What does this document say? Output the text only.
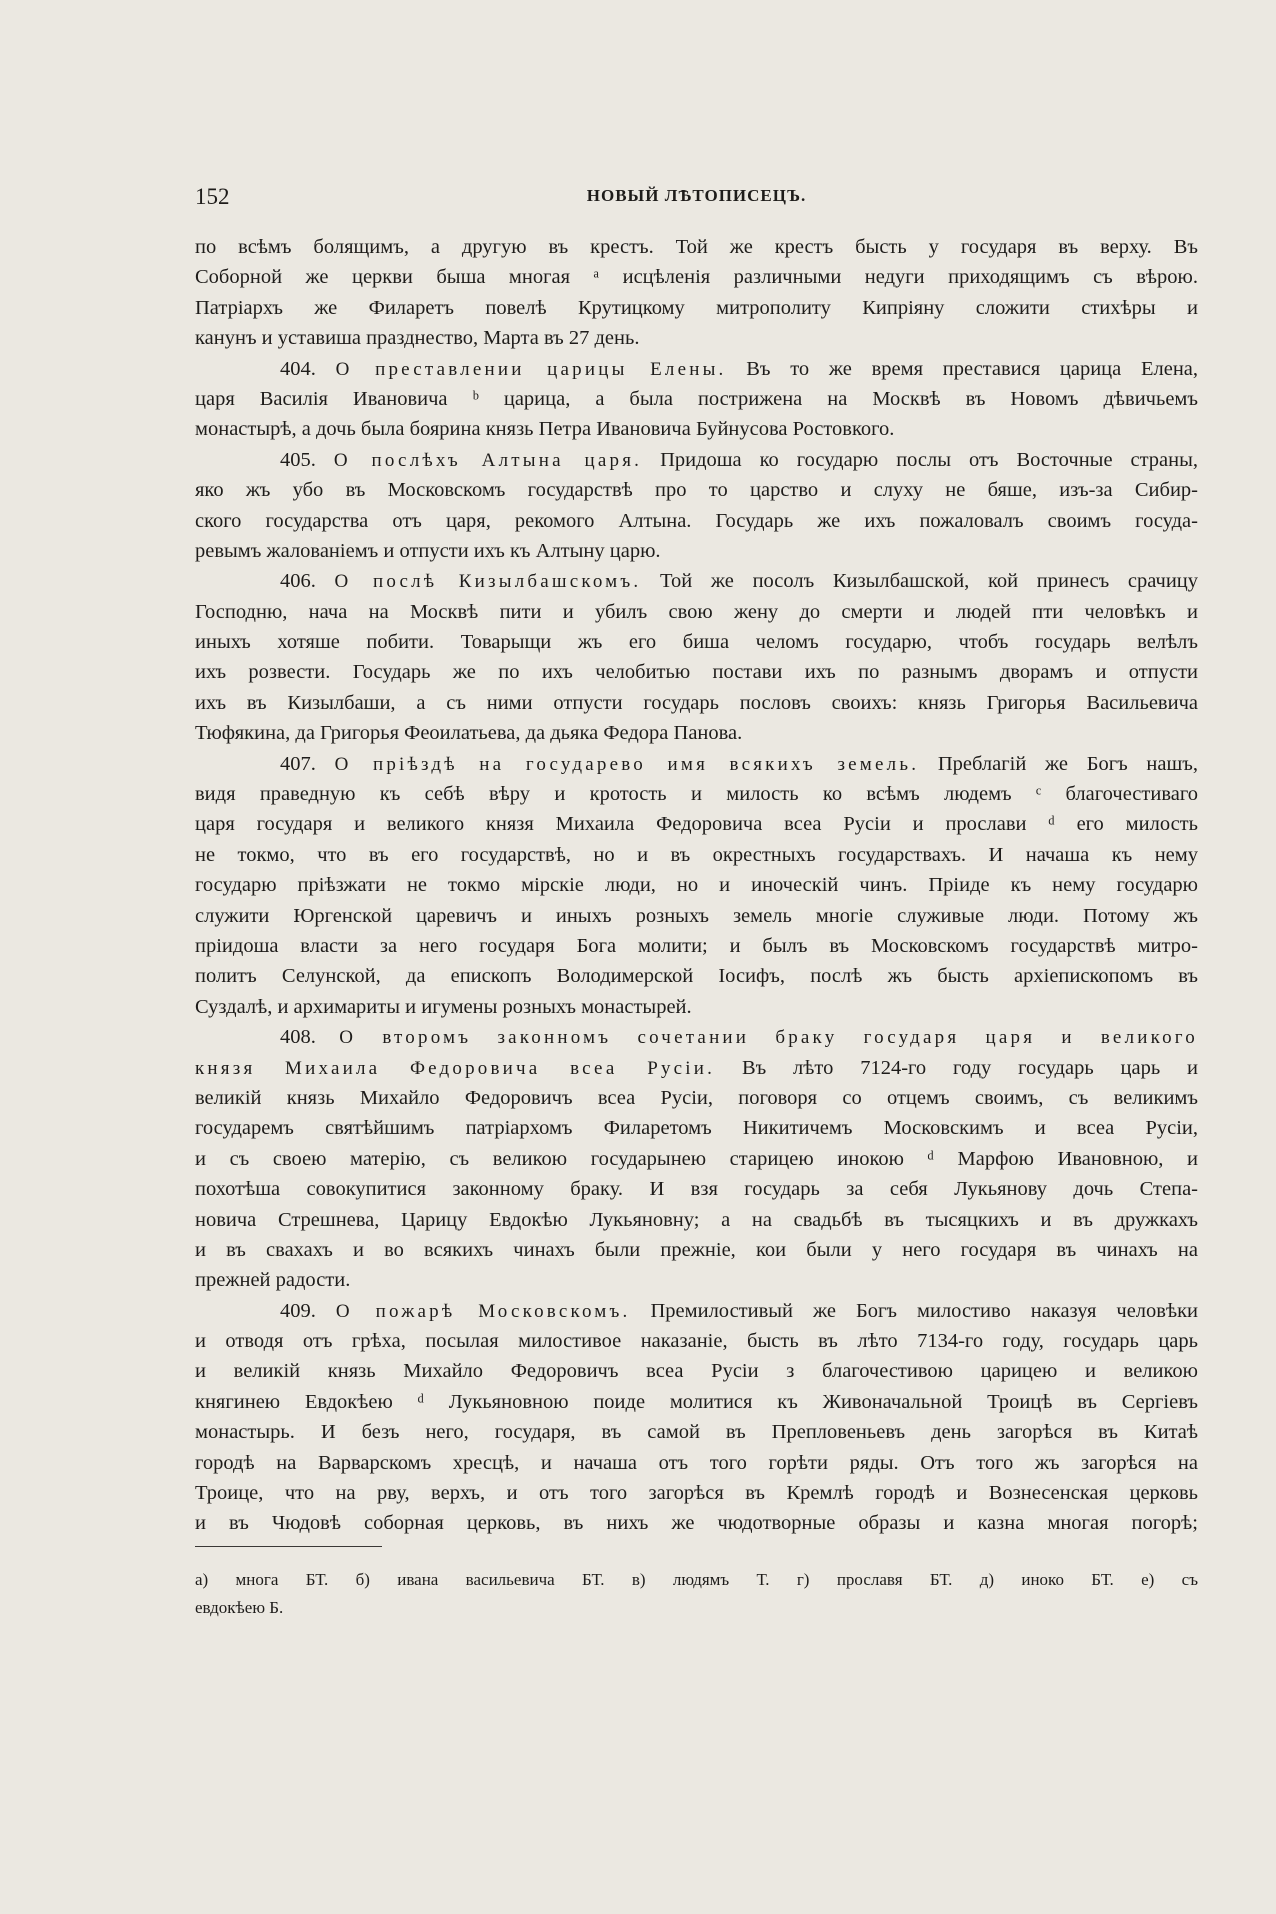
152	НОВЫЙ ЛѢТОПИСЕЦЪ.
по всѣмъ болящимъ, а другую въ крестъ. Той же крестъ бысть у государя въ верху. Въ
Соборной же церкви быша многая ᵃ исцѣленія различными недуги приходящимъ съ вѣрою.
Патріархъ же Филаретъ повелѣ Крутицкому митрополиту Кипріяну сложити стихѣры и
канунъ и уставиша празднество, Марта въ 27 день.
404. О преставлении царицы Елены. Въ то же время преставися царица Елена,
царя Василія Ивановича ᵇ царица, а была пострижена на Москвѣ въ Новомъ дѣвичьемъ
монастырѣ, а дочь была боярина князь Петра Ивановича Буйнусова Ростовкого.
405. О послѣхъ Алтына царя. Придоша ко государю послы отъ Восточные страны,
яко жъ убо въ Московскомъ государствѣ про то царство и слуху не бяше, изъ-за Сибир-
ского государства отъ царя, рекомого Алтына. Государь же ихъ пожаловалъ своимъ госуда-
ревымъ жалованіемъ и отпусти ихъ къ Алтыну царю.
406. О послѣ Кизылбашскомъ. Той же посолъ Кизылбашской, кой принесъ срачицу
Господню, нача на Москвѣ пити и убилъ свою жену до смерти и людей пти человѣкъ и
иныхъ хотяше побити. Товарыщи жъ его биша челомъ государю, чтобъ государь велѣлъ
ихъ розвести. Государь же по ихъ челобитью постави ихъ по разнымъ дворамъ и отпусти
ихъ въ Кизылбаши, а съ ними отпусти государь пословъ своихъ: князь Григорья Васильевича
Тюфякина, да Григорья Феоилатьева, да дьяка Федора Панова.
407. О пріѣздѣ на государево имя всякихъ земель. Преблагій же Богъ нашъ,
видя праведную къ себѣ вѣру и кротость и милость ко всѣмъ людемъ ᶜ благочестиваго
царя государя и великого князя Михаила Федоровича всеа Русіи и прослави ᵈ его милость
не токмо, что въ его государствѣ, но и въ окрестныхъ государствахъ. И начаша къ нему
государю пріѣзжати не токмо мірскіе люди, но и иноческій чинъ. Пріиде къ нему государю
служити Юргенской царевичъ и иныхъ розныхъ земель многіе служивые люди. Потому жъ
пріидоша власти за него государя Бога молити; и былъ въ Московскомъ государствѣ митро-
политъ Селунской, да епископъ Володимерской Iосифъ, послѣ жъ бысть архіепископомъ въ
Суздалѣ, и архимариты и игумены розныхъ монастырей.
408. О второмъ законномъ сочетании браку государя царя и великого
князя Михаила Федоровича всеа Русіи. Въ лѣто 7124-го году государь царь и
великій князь Михайло Федоровичъ всеа Русіи, поговоря со отцемъ своимъ, съ великимъ
государемъ святѣйшимъ патріархомъ Филаретомъ Никитичемъ Московскимъ и всеа Русіи,
и съ своею матерію, съ великою государынею старицею инокою ᵈ Марфою Ивановною, и
похотѣша совокупитися законному браку. И взя государь за себя Лукьянову дочь Степа-
новича Стрешнева, Царицу Евдокѣю Лукьяновну; а на свадьбѣ въ тысяцкихъ и въ дружкахъ
и въ свахахъ и во всякихъ чинахъ были прежніе, кои были у него государя въ чинахъ на
прежней радости.
409. О пожарѣ Московскомъ. Премилостивый же Богъ милостиво наказуя человѣки
и отводя отъ грѣха, посылая милостивое наказаніе, бысть въ лѣто 7134-го году, государь царь
и великій князь Михайло Федоровичъ всеа Русіи з благочестивою царицею и великою
княгинею Евдокѣею ᵈ Лукьяновною поиде молитися къ Живоначальной Троицѣ въ Сергіевъ
монастырь. И безъ него, государя, въ самой въ Препловеньевъ день загорѣся въ Китаѣ
городѣ на Варварскомъ хресцѣ, и начаша отъ того горѣти ряды. Отъ того жъ загорѣся на
Троице, что на рву, верхъ, и отъ того загорѣся въ Кремлѣ городѣ и Вознесенская церковь
и въ Чюдовѣ соборная церковь, въ нихъ же чюдотворные образы и казна многая погорѣ;
а) многа БТ. б) ивана васильевича БТ. в) людямъ Т. г) прославя БТ. д) иноко БТ. е) съ
евдокѣею Б.
